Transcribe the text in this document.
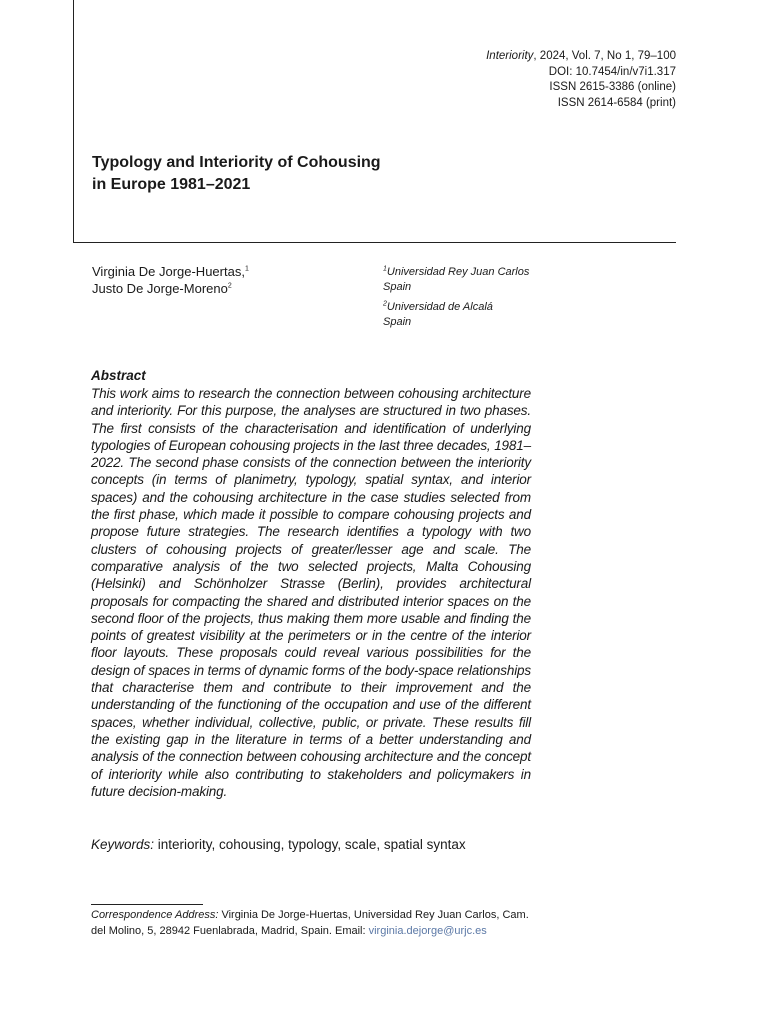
Interiority, 2024, Vol. 7, No 1, 79–100
DOI: 10.7454/in/v7i1.317
ISSN 2615-3386 (online)
ISSN 2614-6584 (print)
Typology and Interiority of Cohousing
in Europe 1981–2021
Virginia De Jorge-Huertas,$^1$
Justo De Jorge-Moreno$^2$
$^1$Universidad Rey Juan Carlos
Spain
$^2$Universidad de Alcalá
Spain
Abstract

This work aims to research the connection between cohousing architecture and interiority. For this purpose, the analyses are structured in two phases. The first consists of the characterisation and identification of underlying typologies of European cohousing projects in the last three decades, 1981–2022. The second phase consists of the connection between the interiority concepts (in terms of planimetry, typology, spatial syntax, and interior spaces) and the cohousing architecture in the case studies selected from the first phase, which made it possible to compare cohousing projects and propose future strategies. The research identifies a typology with two clusters of cohousing projects of greater/lesser age and scale. The comparative analysis of the two selected projects, Malta Cohousing (Helsinki) and Schönholzer Strasse (Berlin), provides architectural proposals for compacting the shared and distributed interior spaces on the second floor of the projects, thus making them more usable and finding the points of greatest visibility at the perimeters or in the centre of the interior floor layouts. These proposals could reveal various possibilities for the design of spaces in terms of dynamic forms of the body-space relationships that characterise them and contribute to their improvement and the understanding of the functioning of the occupation and use of the different spaces, whether individual, collective, public, or private. These results fill the existing gap in the literature in terms of a better understanding and analysis of the connection between cohousing architecture and the concept of interiority while also contributing to stakeholders and policymakers in future decision-making.

Keywords: interiority, cohousing, typology, scale, spatial syntax
Correspondence Address: Virginia De Jorge-Huertas, Universidad Rey Juan Carlos, Cam. del Molino, 5, 28942 Fuenlabrada, Madrid, Spain. Email: virginia.dejorge@urjc.es
